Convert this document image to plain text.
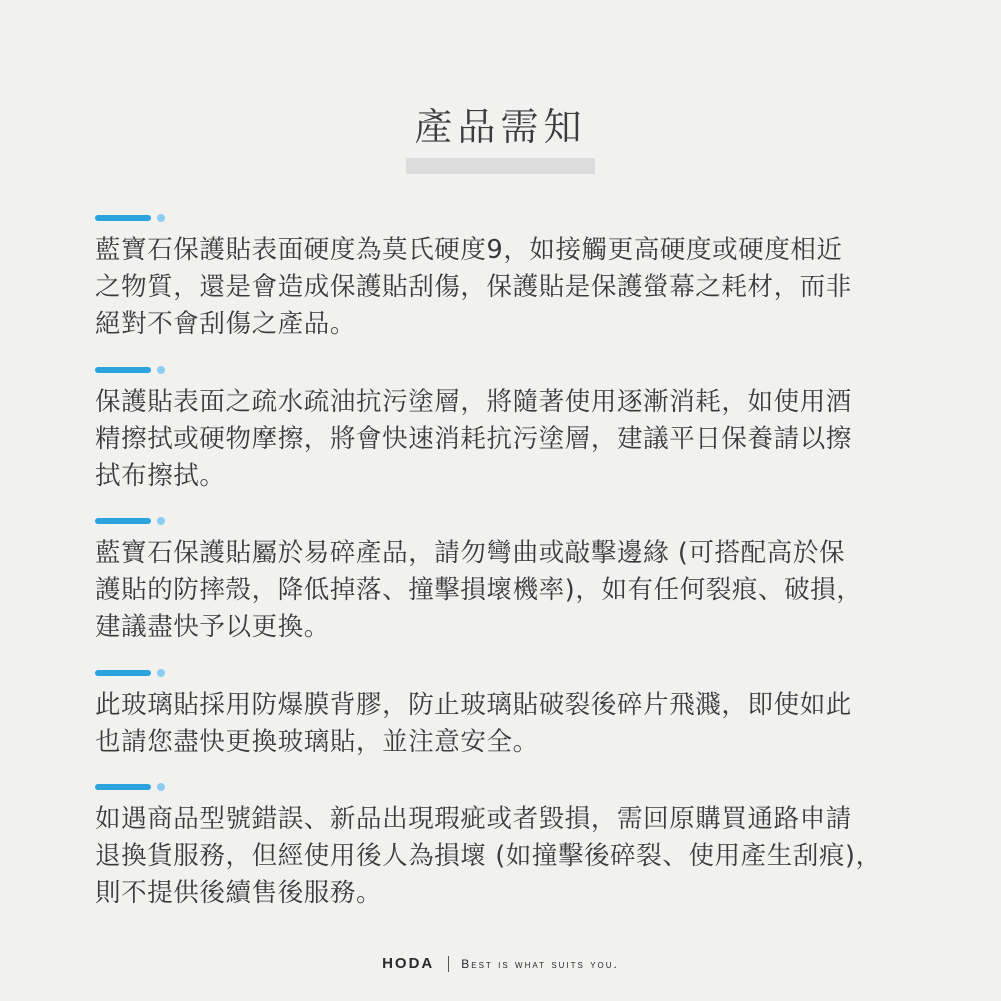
產品需知

藍寶石保護貼表面硬度為莫氏硬度9，如接觸更高硬度或硬度相近
之物質，還是會造成保護貼刮傷，保護貼是保護螢幕之耗材，而非
絕對不會刮傷之產品。

保護貼表面之疏水疏油抗污塗層，將隨著使用逐漸消耗，如使用酒
精擦拭或硬物摩擦，將會快速消耗抗污塗層，建議平日保養請以擦
拭布擦拭。

藍寶石保護貼屬於易碎產品，請勿彎曲或敲擊邊緣 (可搭配高於保
護貼的防摔殼，降低掉落、撞擊損壞機率)，如有任何裂痕、破損，
建議盡快予以更換。

此玻璃貼採用防爆膜背膠，防止玻璃貼破裂後碎片飛濺，即使如此
也請您盡快更換玻璃貼，並注意安全。

如遇商品型號錯誤、新品出現瑕疵或者毀損，需回原購買通路申請
退換貨服務，但經使用後人為損壞 (如撞擊後碎裂、使用產生刮痕)，
則不提供後續售後服務。

HODA Best is what suits you.
